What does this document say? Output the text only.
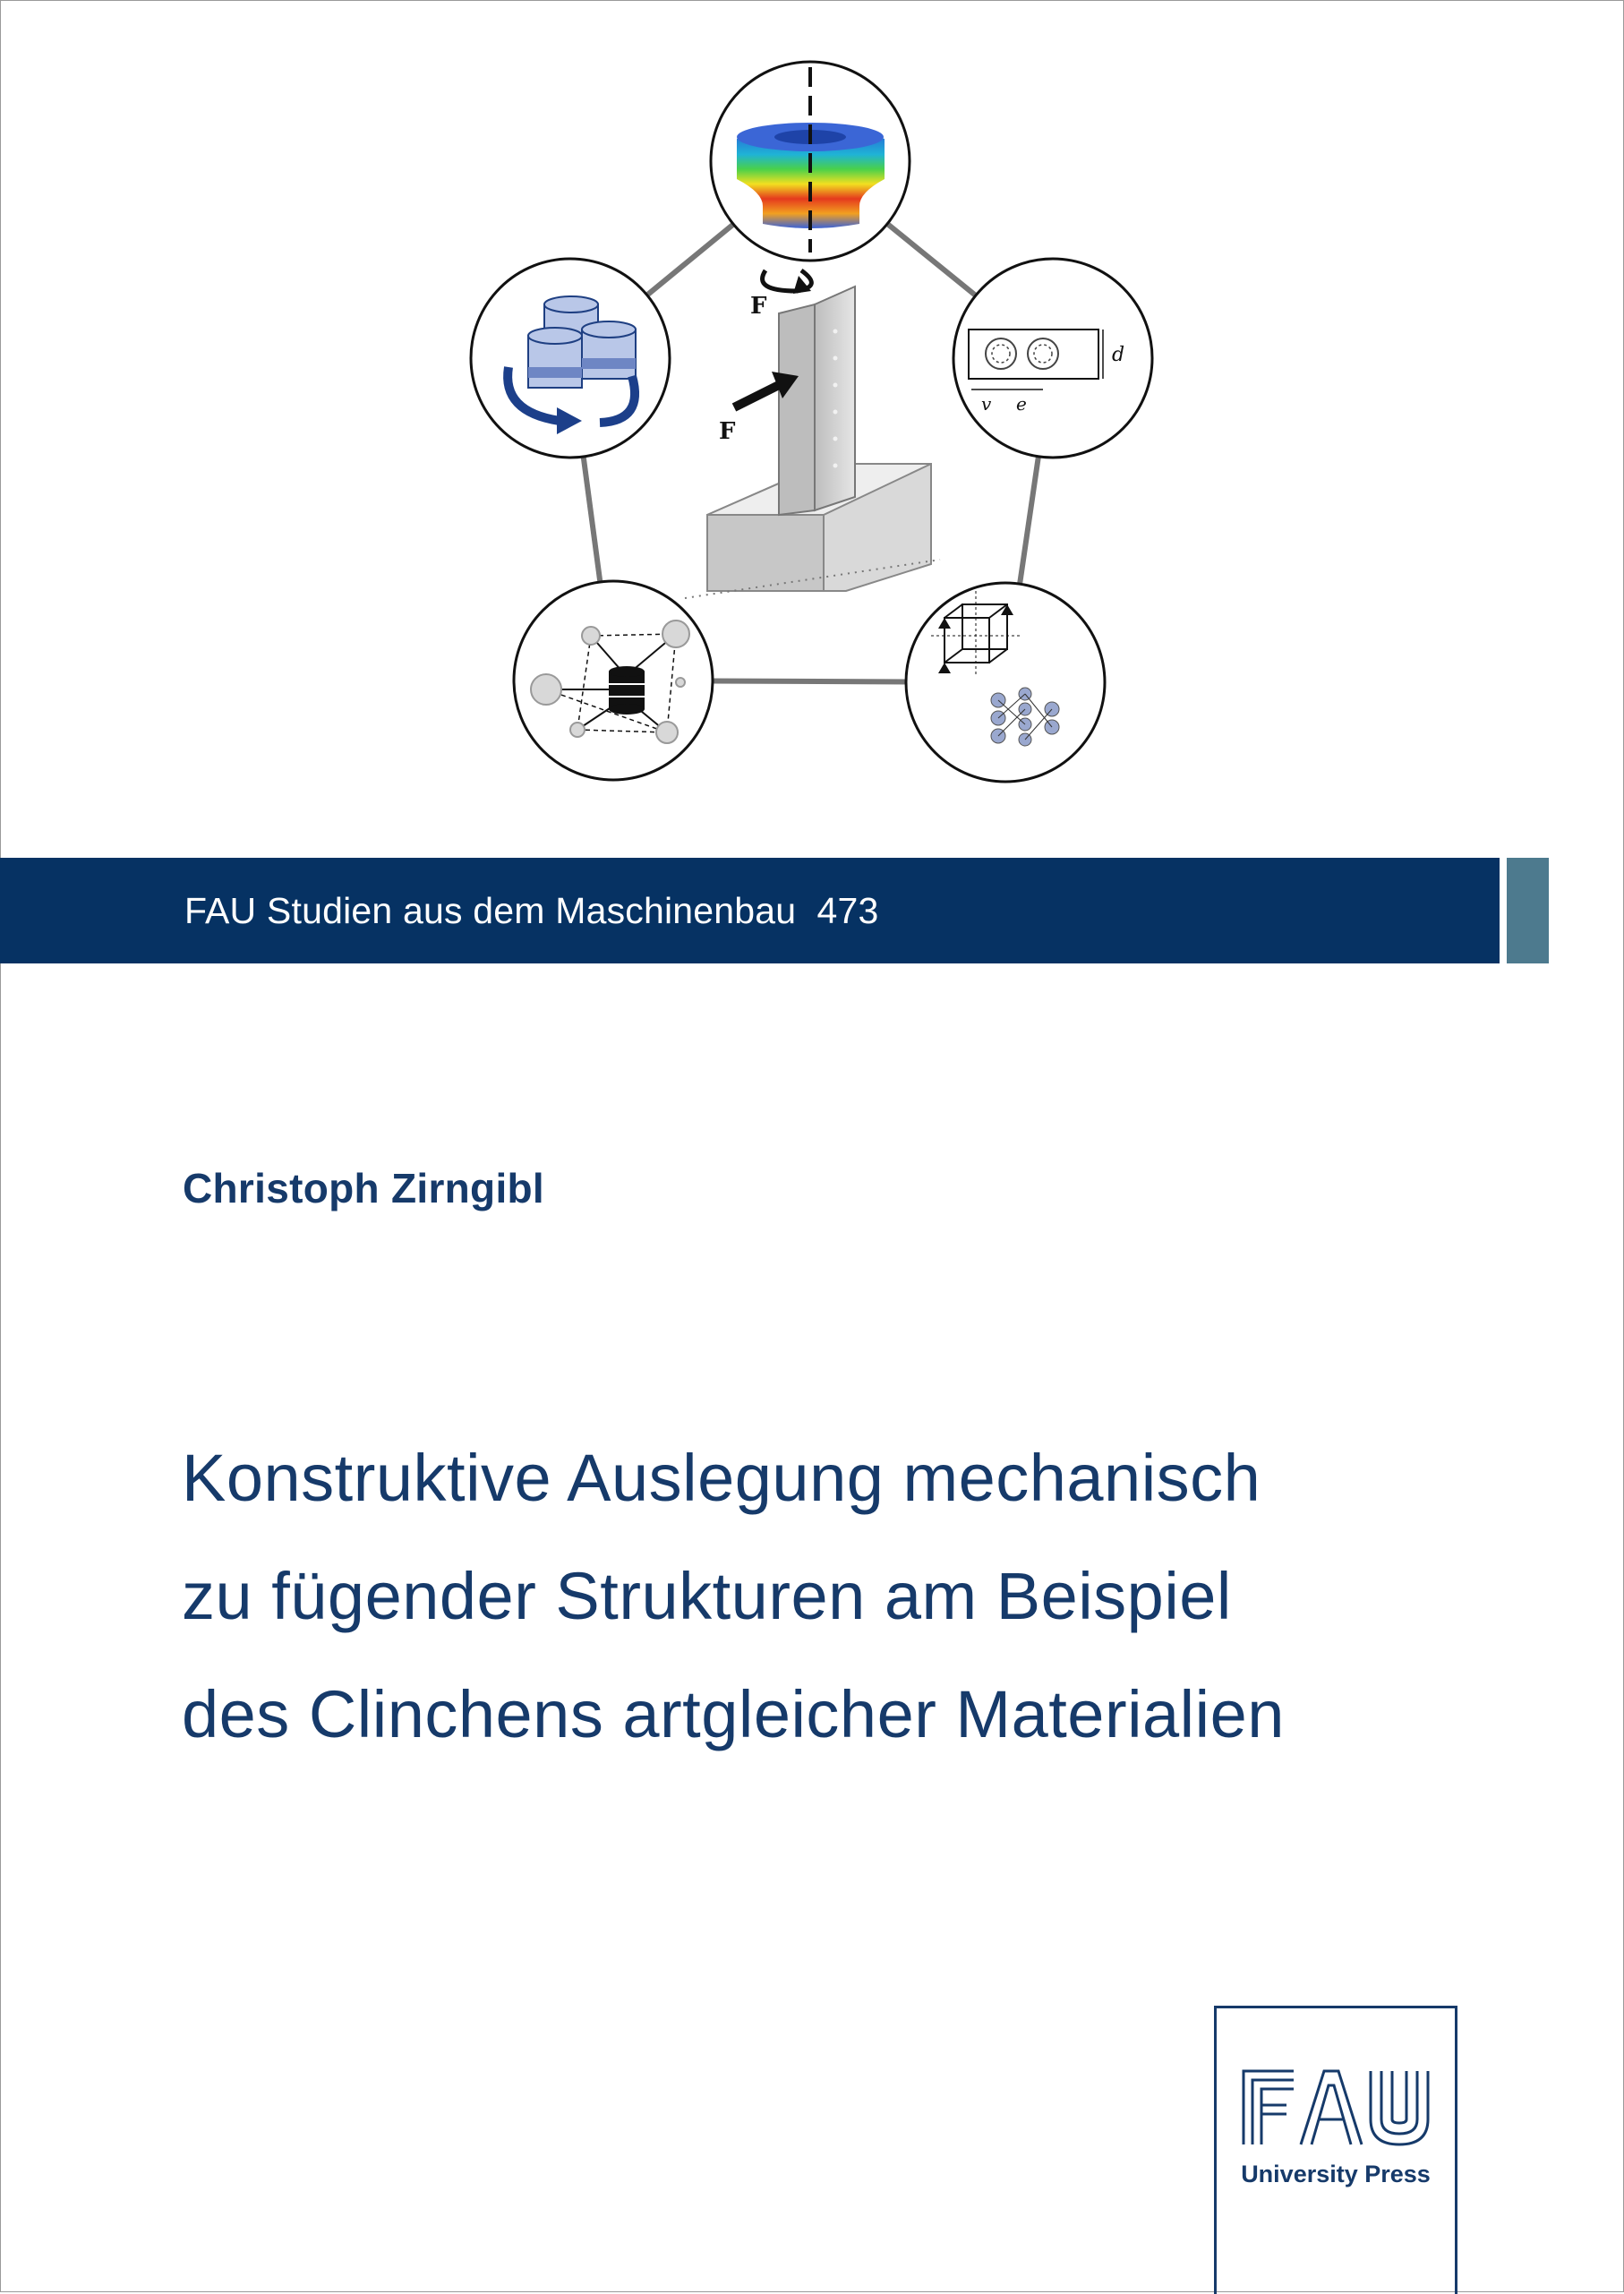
d
v e
F
F
FAU Studien aus dem Maschinenbau 473
Christoph Zirngibl
Konstruktive Auslegung mechanisch
zu fügender Strukturen am Beispiel
des Clinchens artgleicher Materialien
University Press
